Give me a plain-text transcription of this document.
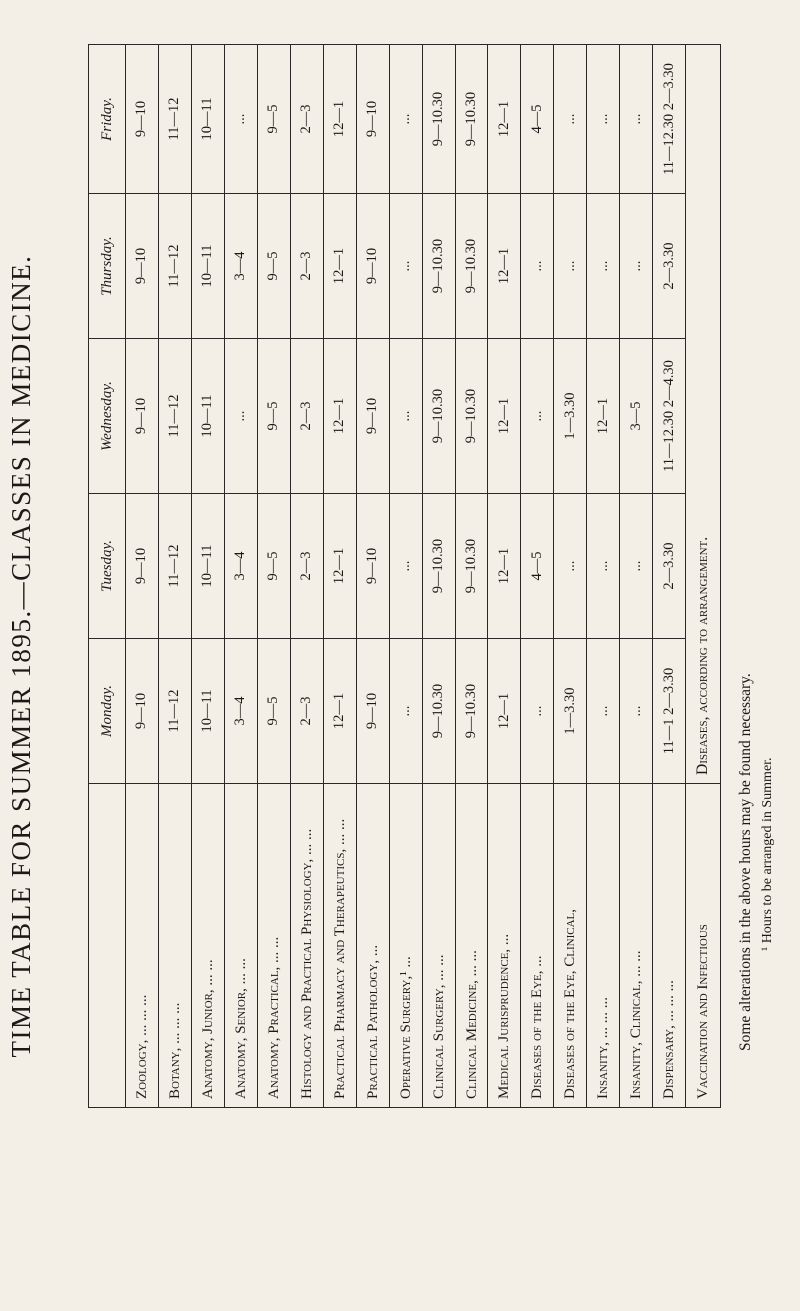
TIME TABLE FOR SUMMER 1895.—CLASSES IN MEDICINE.
		Monday.	Tuesday.	Wednesday.	Thursday.	Friday.
Zoology, ... ... ...	9—10	9—10	9—10	9—10	9—10
Botany, ... ... ...	11—12	11—12	11—12	11—12	11—12
Anatomy, Junior, ... ...	10—11	10—11	10—11	10—11	10—11
Anatomy, Senior, ... ...	3—4	3—4	...	3—4	...
Anatomy, Practical, ... ...	9—5	9—5	9—5	9—5	9—5
Histology and Practical Physiology, ... ...	2—3	2—3	2—3	2—3	2—3
Practical Pharmacy and Therapeutics, ... ...	12—1	12—1	12—1	12—1	12—1
Practical Pathology, ...	9—10	9—10	9—10	9—10	9—10
Operative Surgery,¹ ...	...	...	...	...	...
Clinical Surgery, ... ...	9—10.30	9—10.30	9—10.30	9—10.30	9—10.30
Clinical Medicine, ... ...	9—10.30	9—10.30	9—10.30	9—10.30	9—10.30
Medical Jurisprudence, ...	12—1	12—1	12—1	12—1	12—1
Diseases of the Eye, ...	...	4—5	...	...	4—5
Diseases of the Eye, Clinical,	1—3.30	...	1—3.30	...	...
Insanity, ... ... ...	...	...	12—1	...	...
Insanity, Clinical, ... ...	...	...	3—5	...	...
Dispensary, ... ... ...	11—1 2—3.30	2—3.30	11—12.30 2—4.30	2—3.30	11—12.30 2—3.30
Vaccination and Infectious	Diseases, according to arrangement.				
Some alterations in the above hours may be found necessary. ¹ Hours to be arranged in Summer.
